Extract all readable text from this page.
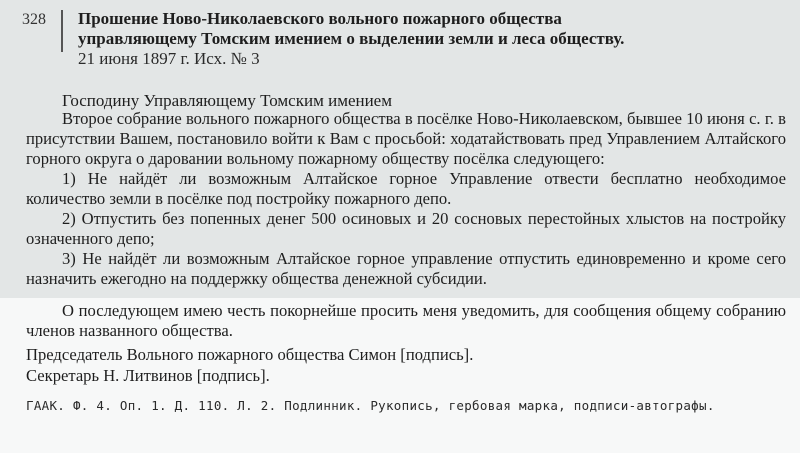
328 Прошение Ново-Николаевского вольного пожарного общества
управляющему Томским имением о выделении земли и леса обществу.
21 июня 1897 г. Исх. № 3
Господину Управляющему Томским имением

Второе собрание вольного пожарного общества в посёлке Ново-Николаевском, бывшее 10 июня с. г. в присутствии Вашем, постановило войти к Вам с просьбой: ходатайствовать пред Управлением Алтайского горного округа о даровании вольному пожарному обществу посёлка следующего:

1) Не найдёт ли возможным Алтайское горное Управление отвести бесплатно необходимое количество земли в посёлке под постройку пожарного депо.

2) Отпустить без попенных денег 500 осиновых и 20 сосновых перестойных хлыстов на постройку означенного депо;

3) Не найдёт ли возможным Алтайское горное управление отпустить единовременно и кроме сего назначить ежегодно на поддержку общества денежной субсидии.

О последующем имею честь покорнейше просить меня уведомить, для сообщения общему собранию членов названного общества.

Председатель Вольного пожарного общества Симон [подпись].
Секретарь Н. Литвинов [подпись].
ГААК. Ф. 4. Оп. 1. Д. 110. Л. 2. Подлинник. Рукопись, гербовая марка, подписи-автографы.
